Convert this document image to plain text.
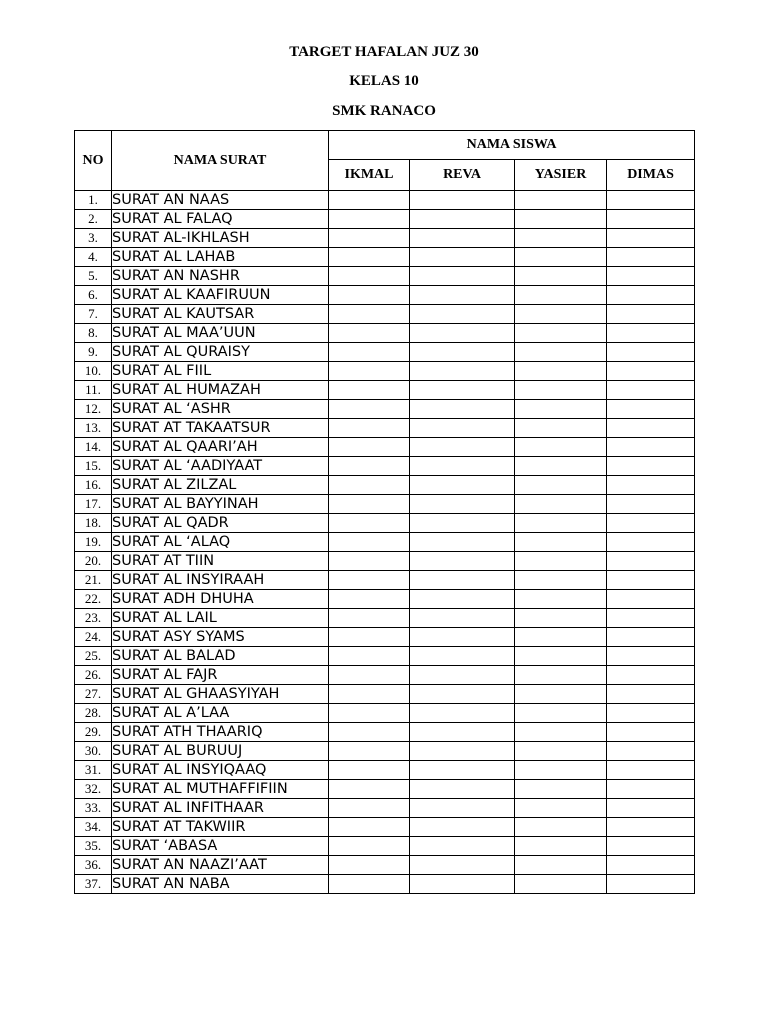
TARGET HAFALAN JUZ 30
KELAS 10
SMK RANACO
NO	NAMA SURAT	NAMA SISWA			
		IKMAL	REVA	YASIER	DIMAS
1.	SURAT AN NAAS				
2.	SURAT AL FALAQ				
3.	SURAT AL-IKHLASH				
4.	SURAT AL LAHAB				
5.	SURAT AN NASHR				
6.	SURAT AL KAAFIRUUN				
7.	SURAT AL KAUTSAR				
8.	SURAT AL MAA’UUN				
9.	SURAT AL QURAISY				
10.	SURAT AL FIIL				
11.	SURAT AL HUMAZAH				
12.	SURAT AL ‘ASHR				
13.	SURAT AT TAKAATSUR				
14.	SURAT AL QAARI’AH				
15.	SURAT AL ‘AADIYAAT				
16.	SURAT AL ZILZAL				
17.	SURAT AL BAYYINAH				
18.	SURAT AL QADR				
19.	SURAT AL ‘ALAQ				
20.	SURAT AT TIIN				
21.	SURAT AL INSYIRAAH				
22.	SURAT ADH DHUHA				
23.	SURAT AL LAIL				
24.	SURAT ASY SYAMS				
25.	SURAT AL BALAD				
26.	SURAT AL FAJR				
27.	SURAT AL GHAASYIYAH				
28.	SURAT AL A’LAA				
29.	SURAT ATH THAARIQ				
30.	SURAT AL BURUUJ				
31.	SURAT AL INSYIQAAQ				
32.	SURAT AL MUTHAFFIFIIN				
33.	SURAT AL INFITHAAR				
34.	SURAT AT TAKWIIR				
35.	SURAT ‘ABASA				
36.	SURAT AN NAAZI’AAT				
37.	SURAT AN NABA				
